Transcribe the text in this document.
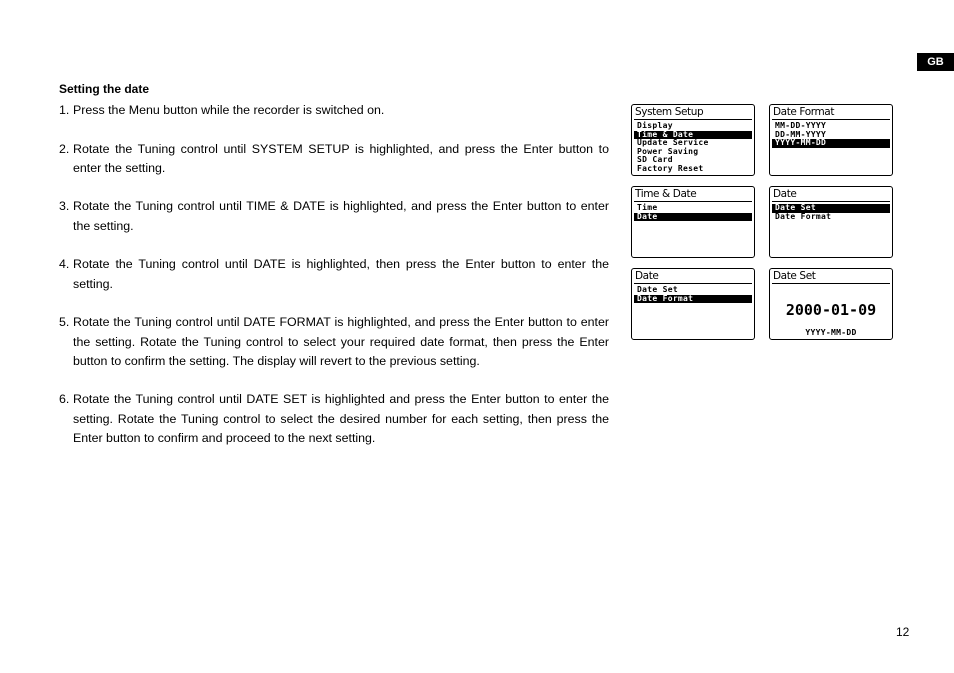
GB
Setting the date
1. Press the Menu button while the recorder is switched on.
2. Rotate the Tuning control until SYSTEM SETUP is highlighted, and press the Enter button to enter the setting.
3. Rotate the Tuning control until TIME & DATE is highlighted, and press the Enter button to enter the setting.
4. Rotate the Tuning control until DATE is highlighted, then press the Enter button to enter the setting.
5. Rotate the Tuning control until DATE FORMAT is highlighted, and press the Enter button to enter the setting. Rotate the Tuning control to select your required date format, then press the Enter button to confirm the setting. The display will revert to the previous setting.
6. Rotate the Tuning control until DATE SET is highlighted and press the Enter button to enter the setting. Rotate the Tuning control to select the desired number for each setting, then press the Enter button to confirm and proceed to the next setting.
System Setup
Display
Time & Date
Update Service
Power Saving
SD Card
Factory Reset
Date Format
MM-DD-YYYY
DD-MM-YYYY
YYYY-MM-DD
Time & Date
Time
Date
Date
Date Set
Date Format
Date
Date Set
Date Format
Date Set
2000-01-09
YYYY-MM-DD
12
